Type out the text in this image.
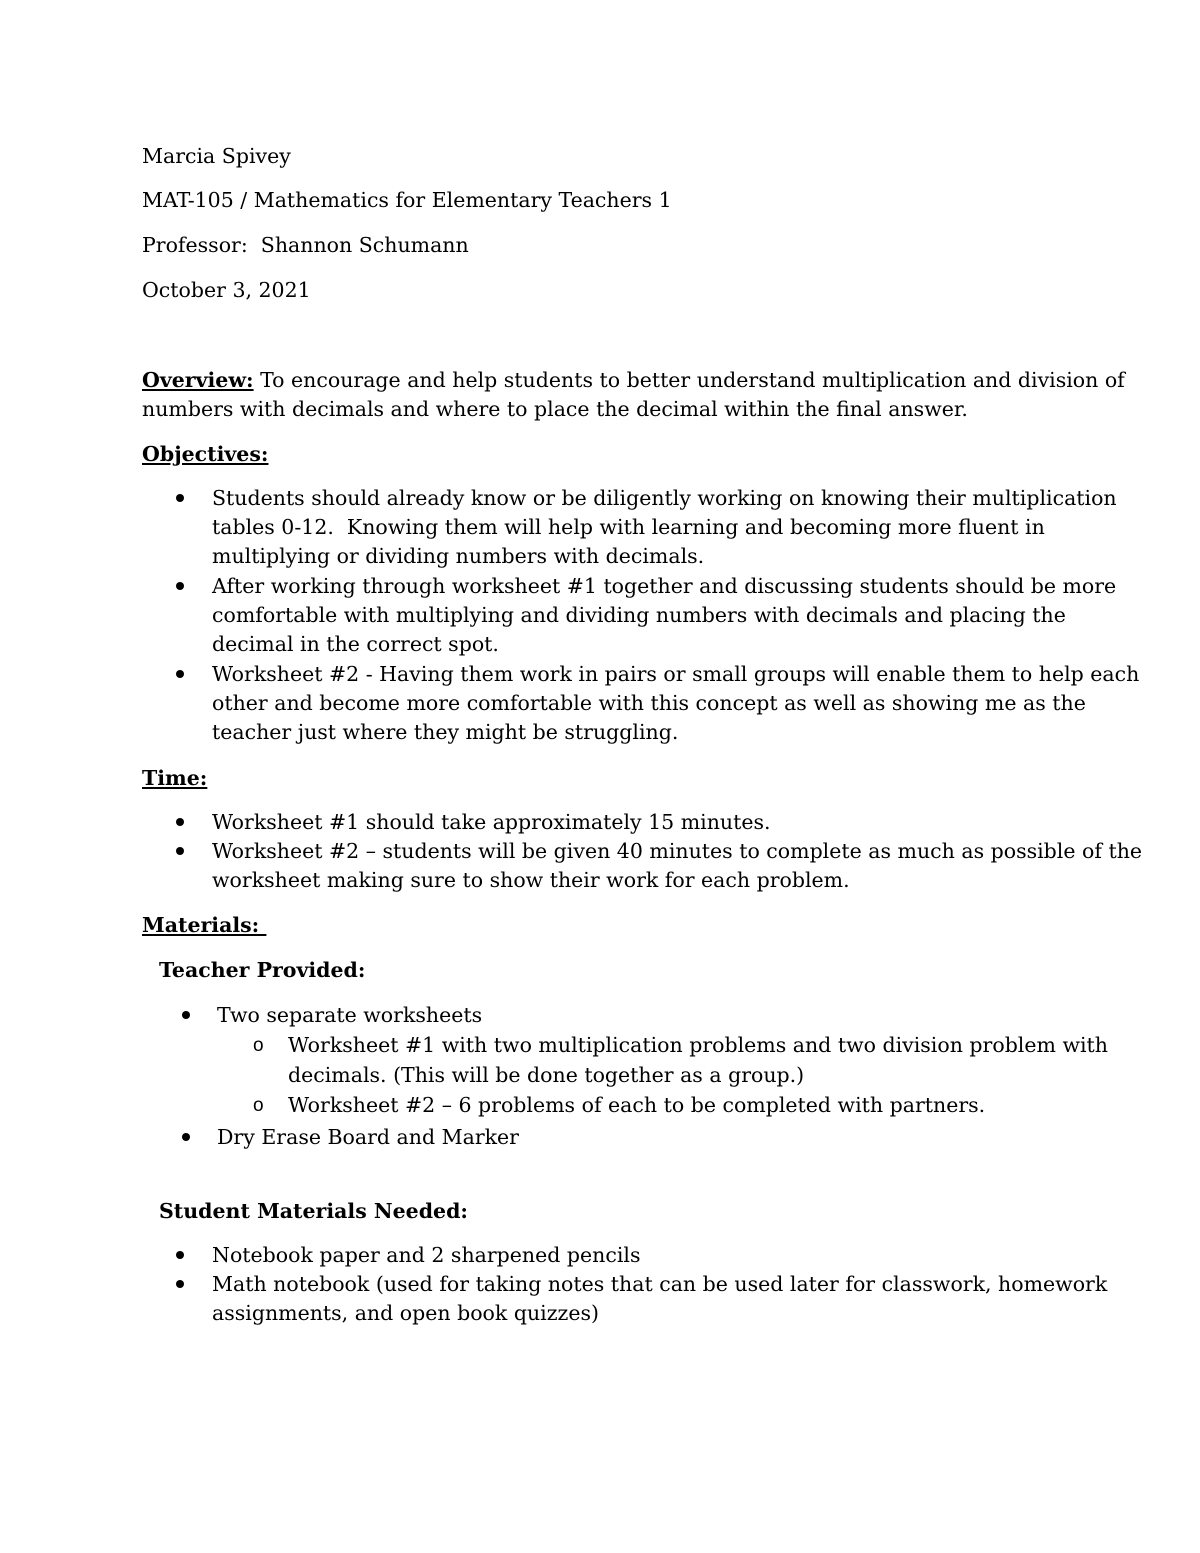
Marcia Spivey

MAT-105 / Mathematics for Elementary Teachers 1

Professor:  Shannon Schumann

October 3, 2021

Overview: To encourage and help students to better understand multiplication and division of

numbers with decimals and where to place the decimal within the final answer.

Objectives:

Students should already know or be diligently working on knowing their multiplication

tables 0-12.  Knowing them will help with learning and becoming more fluent in

multiplying or dividing numbers with decimals.

After working through worksheet #1 together and discussing students should be more

comfortable with multiplying and dividing numbers with decimals and placing the

decimal in the correct spot.

Worksheet #2 - Having them work in pairs or small groups will enable them to help each

other and become more comfortable with this concept as well as showing me as the

teacher just where they might be struggling.

Time:

Worksheet #1 should take approximately 15 minutes.

Worksheet #2 – students will be given 40 minutes to complete as much as possible of the

worksheet making sure to show their work for each problem.

Materials:

Teacher Provided:

Two separate worksheets

o Worksheet #1 with two multiplication problems and two division problem with

decimals. (This will be done together as a group.)

o Worksheet #2 – 6 problems of each to be completed with partners.

Dry Erase Board and Marker

Student Materials Needed:

Notebook paper and 2 sharpened pencils

Math notebook (used for taking notes that can be used later for classwork, homework

assignments, and open book quizzes)
